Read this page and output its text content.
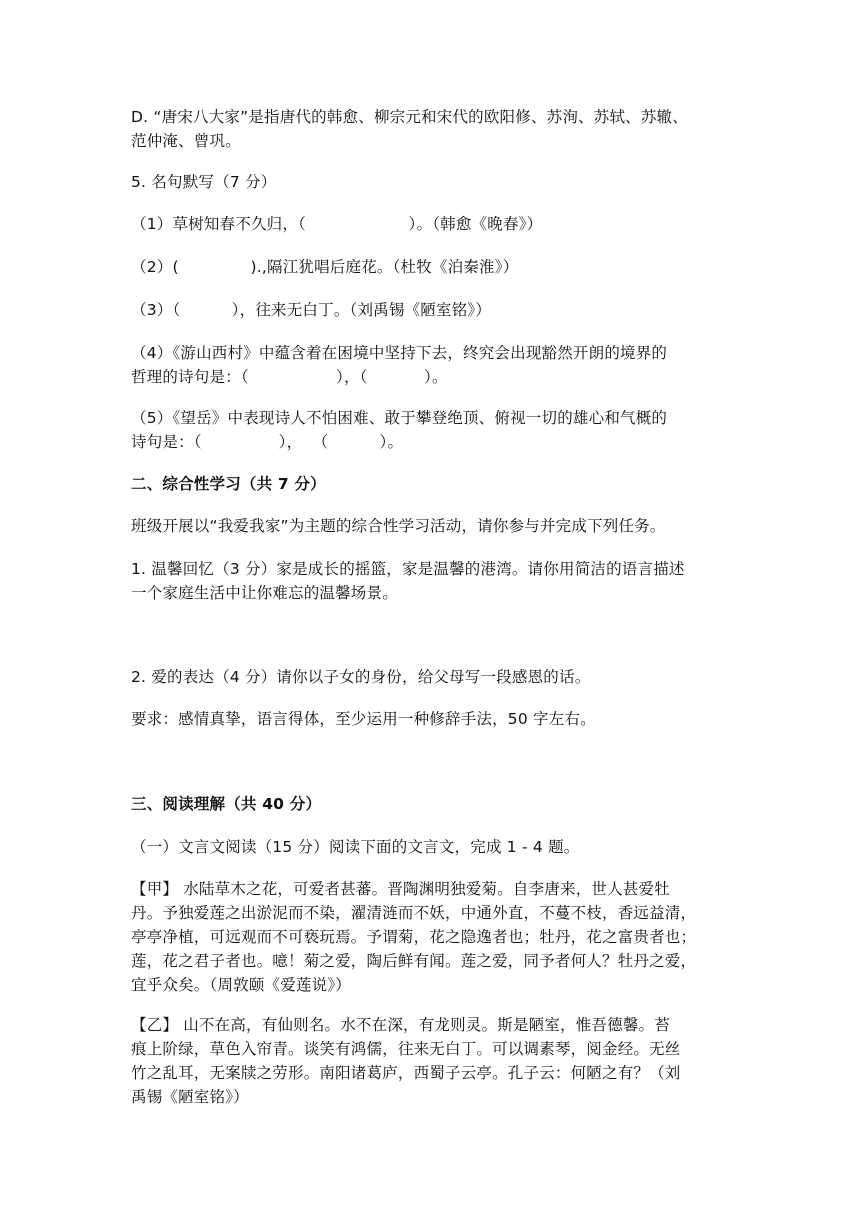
D. “唐宋八大家”是指唐代的韩愈、柳宗元和宋代的欧阳修、苏洵、苏轼、苏辙、
范仲淹、曾巩。
5. 名句默写（7 分）
（1）草树知春不久归，（                    ）。（韩愈《晚春》）
（2）(              ).,隔江犹唱后庭花。（杜牧《泊秦淮》）
（3）（          ），往来无白丁。（刘禹锡《陋室铭》）
（4）《游山西村》中蕴含着在困境中坚持下去，终究会出现豁然开朗的境界的
哲理的诗句是：（                 ），（           ）。
（5）《望岳》中表现诗人不怕困难、敢于攀登绝顶、俯视一切的雄心和气概的
诗句是：（               ），  （          ）。
二、综合性学习（共 7 分）
班级开展以“我爱我家”为主题的综合性学习活动，请你参与并完成下列任务。
1. 温馨回忆（3 分）家是成长的摇篮，家是温馨的港湾。请你用简洁的语言描述
一个家庭生活中让你难忘的温馨场景。
2. 爱的表达（4 分）请你以子女的身份，给父母写一段感恩的话。
要求：感情真挚，语言得体，至少运用一种修辞手法，50 字左右。
三、阅读理解（共 40 分）
（一）文言文阅读（15 分）阅读下面的文言文，完成 1 - 4 题。
【甲】 水陆草木之花，可爱者甚蕃。晋陶渊明独爱菊。自李唐来，世人甚爱牡
丹。予独爱莲之出淤泥而不染，濯清涟而不妖，中通外直，不蔓不枝，香远益清，
亭亭净植，可远观而不可亵玩焉。予谓菊，花之隐逸者也；牡丹，花之富贵者也；
莲，花之君子者也。噫！菊之爱，陶后鲜有闻。莲之爱，同予者何人？牡丹之爱，
宜乎众矣。（周敦颐《爱莲说》）
【乙】 山不在高，有仙则名。水不在深，有龙则灵。斯是陋室，惟吾德馨。苔
痕上阶绿，草色入帘青。谈笑有鸿儒，往来无白丁。可以调素琴，阅金经。无丝
竹之乱耳，无案牍之劳形。南阳诸葛庐，西蜀子云亭。孔子云：何陋之有？（刘
禹锡《陋室铭》）
